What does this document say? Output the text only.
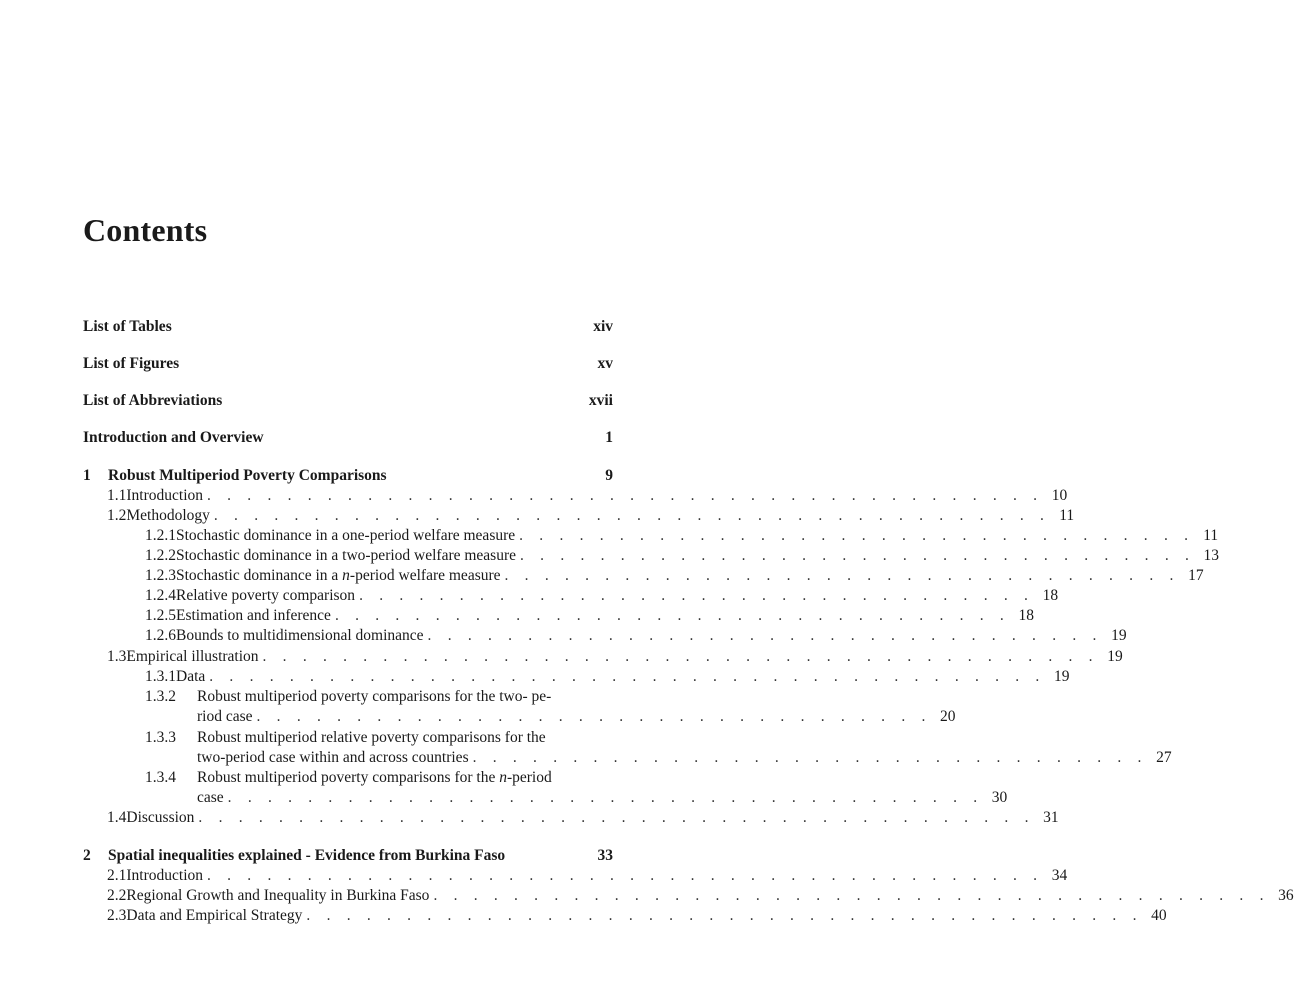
Contents
List of Tables	xiv
List of Figures	xv
List of Abbreviations	xvii
Introduction and Overview	1
1	Robust Multiperiod Poverty Comparisons	9
1.1 Introduction . . . . . . . . . . . . . . . . . . . . . . . . . . . . . . . . . . . . . . . . . . 10
1.2 Methodology . . . . . . . . . . . . . . . . . . . . . . . . . . . . . . . . . . . . . . . . . . 11
1.2.1 Stochastic dominance in a one-period welfare measure . . . . . . . . . . . . . . . . . . . . . . . . . . . . . . . . . . 11
1.2.2 Stochastic dominance in a two-period welfare measure . . . . . . . . . . . . . . . . . . . . . . . . . . . . . . . . . . 13
1.2.3 Stochastic dominance in a n-period welfare measure . . . . . . . . . . . . . . . . . . . . . . . . . . . . . . . . . . 17
1.2.4 Relative poverty comparison . . . . . . . . . . . . . . . . . . . . . . . . . . . . . . . . . . 18
1.2.5 Estimation and inference . . . . . . . . . . . . . . . . . . . . . . . . . . . . . . . . . . 18
1.2.6 Bounds to multidimensional dominance . . . . . . . . . . . . . . . . . . . . . . . . . . . . . . . . . . 19
1.3 Empirical illustration . . . . . . . . . . . . . . . . . . . . . . . . . . . . . . . . . . . . . . . . . . 19
1.3.1 Data . . . . . . . . . . . . . . . . . . . . . . . . . . . . . . . . . . . . . . . . . . 19
1.3.2 Robust multiperiod poverty comparisons for the two- pe-
riod case . . . . . . . . . . . . . . . . . . . . . . . . . . . . . . . . . . 20
1.3.3 Robust multiperiod relative poverty comparisons for the
two-period case within and across countries . . . . . . . . . . . . . . . . . . . . . . . . . . . . . . . . . . 27
1.3.4 Robust multiperiod poverty comparisons for the n-period
case . . . . . . . . . . . . . . . . . . . . . . . . . . . . . . . . . . . . . . 30
1.4 Discussion . . . . . . . . . . . . . . . . . . . . . . . . . . . . . . . . . . . . . . . . . . 31
2	Spatial inequalities explained - Evidence from Burkina Faso	33
2.1 Introduction . . . . . . . . . . . . . . . . . . . . . . . . . . . . . . . . . . . . . . . . . . 34
2.2 Regional Growth and Inequality in Burkina Faso . . . . . . . . . . . . . . . . . . . . . . . . . . . . . . . . . . . . . . . . . . 36
2.3 Data and Empirical Strategy . . . . . . . . . . . . . . . . . . . . . . . . . . . . . . . . . . . . . . . . . . 40
